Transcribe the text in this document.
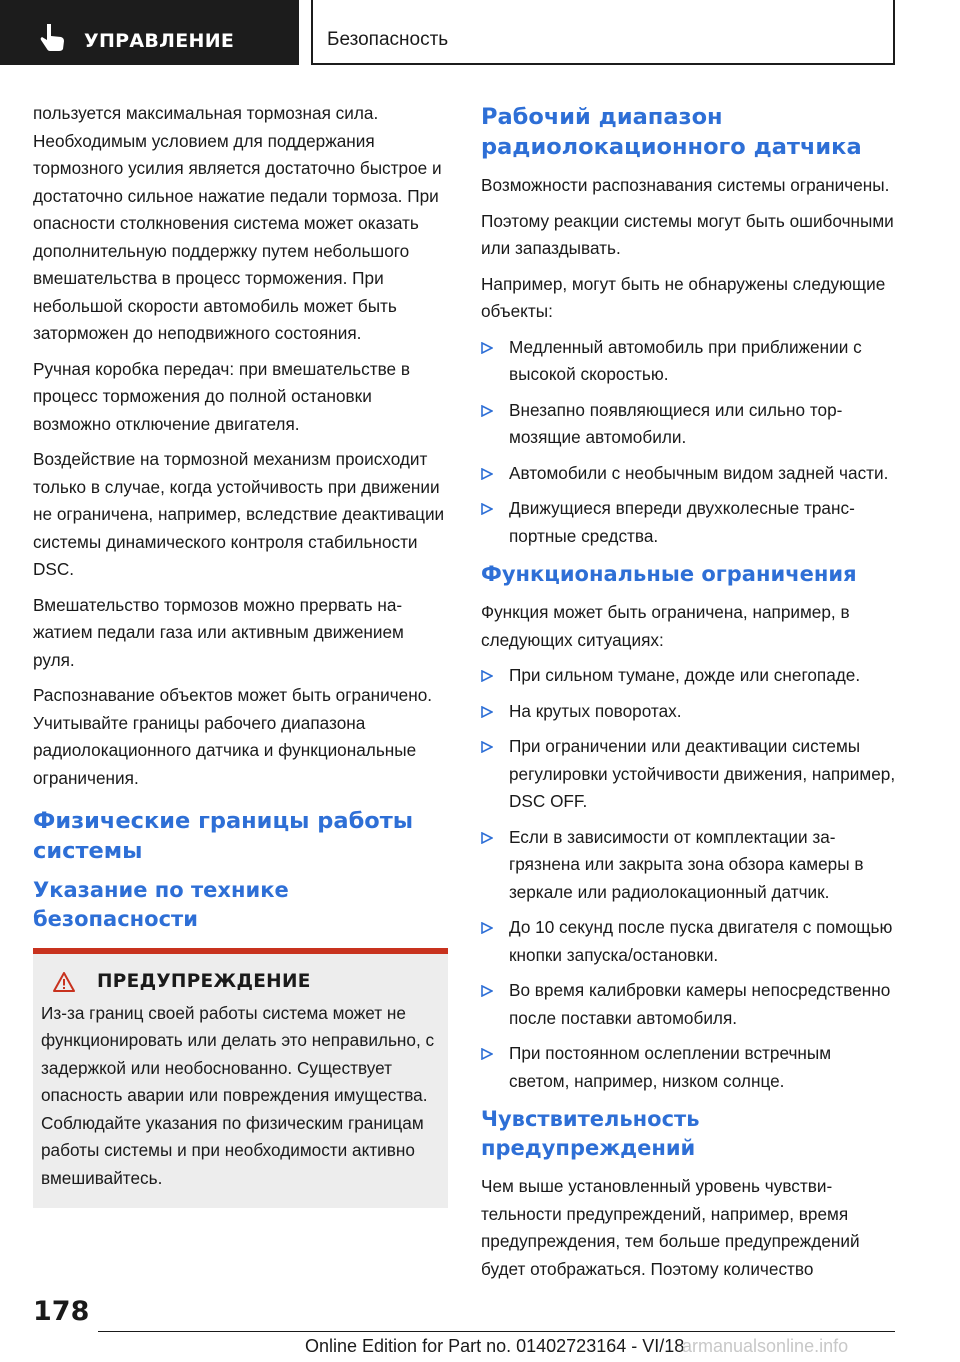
УПРАВЛЕНИЕ	Безопасность

пользуется максимальная тормозная сила. Необходимым условием для поддержания тормозного усилия является достаточно быстрое и достаточно сильное нажатие педали тормоза. При опасности столкновения система может оказать дополнительную поддержку путем небольшого вмешательства в процесс торможения. При небольшой скорости автомобиль может быть заторможен до неподвижного состояния.

Ручная коробка передач: при вмешательстве в процесс торможения до полной остановки возможно отключение двигателя.

Воздействие на тормозной механизм происходит только в случае, когда устойчивость при движении не ограничена, например, вследствие деактивации системы динамического контроля стабильности DSC.

Вмешательство тормозов можно прервать нажатием педали газа или активным движением руля.

Распознавание объектов может быть ограничено. Учитывайте границы рабочего диапазона радиолокационного датчика и функциональные ограничения.

Физические границы работы системы
Указание по технике безопасности
ПРЕДУПРЕЖДЕНИЕ
Из-за границ своей работы система может не функционировать или делать это неправильно, с задержкой или необоснованно. Существует опасность аварии или повреждения имущества. Соблюдайте указания по физическим границам работы системы и при необходимости активно вмешивайтесь.
Рабочий диапазон радиолокационного датчика

Возможности распознавания системы ограничены.

Поэтому реакции системы могут быть ошибочными или запаздывать.

Например, могут быть не обнаружены следующие объекты:

Медленный автомобиль при приближении с высокой скоростью.
Внезапно появляющиеся или сильно тормозящие автомобили.
Автомобили с необычным видом задней части.
Движущиеся впереди двухколесные транспортные средства.
Функциональные ограничения

Функция может быть ограничена, например, в следующих ситуациях:

При сильном тумане, дожде или снегопаде.
На крутых поворотах.
При ограничении или деактивации системы регулировки устойчивости движения, например, DSC OFF.
Если в зависимости от комплектации загрязнена или закрыта зона обзора камеры в зеркале или радиолокационный датчик.
До 10 секунд после пуска двигателя с помощью кнопки запуска/остановки.
Во время калибровки камеры непосредственно после поставки автомобиля.
При постоянном ослеплении встречным светом, например, низком солнце.
Чувствительность предупреждений

Чем выше установленный уровень чувствительности предупреждений, например, время предупреждения, тем больше предупреждений будет отображаться. Поэтому количество

178
Online Edition for Part no. 01402723164 - VI/18
armanualsonline.info
